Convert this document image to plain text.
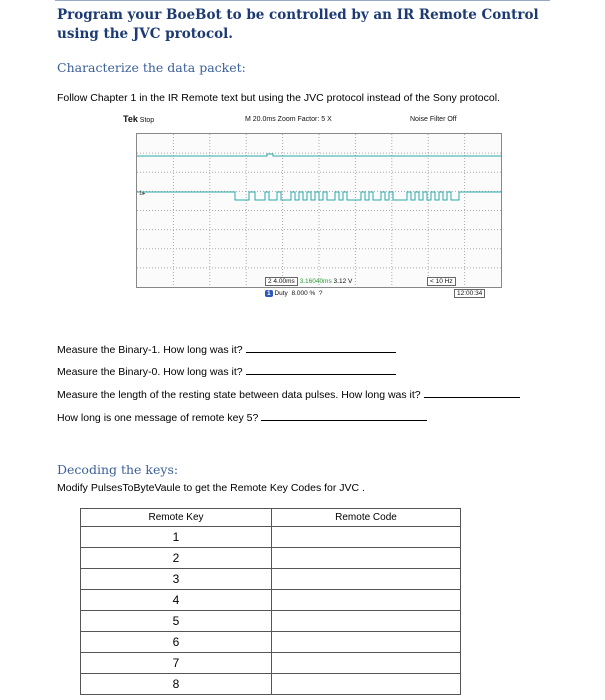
Program your BoeBot to be controlled by an IR Remote Control using the JVC protocol.
Characterize the data packet:
Follow Chapter 1 in the IR Remote text but using the JVC protocol instead of the Sony protocol.
Tek Stop	M 20.0ms Zoom Factor: 5 X	Noise Filter Off
1▸
2 4.00ms 3.16040ms 3.12 V	< 10 Hz
1 Duty 8.000 % ?	12:00:34
Measure the Binary-1. How long was it?
Measure the Binary-0. How long was it?
Measure the length of the resting state between data pulses. How long was it?
How long is one message of remote key 5?
Decoding the keys:
Modify PulsesToByteVaule to get the Remote Key Codes for JVC .
Remote Key	Remote Code
1	
2	
3	
4	
5	
6	
7	
8	
